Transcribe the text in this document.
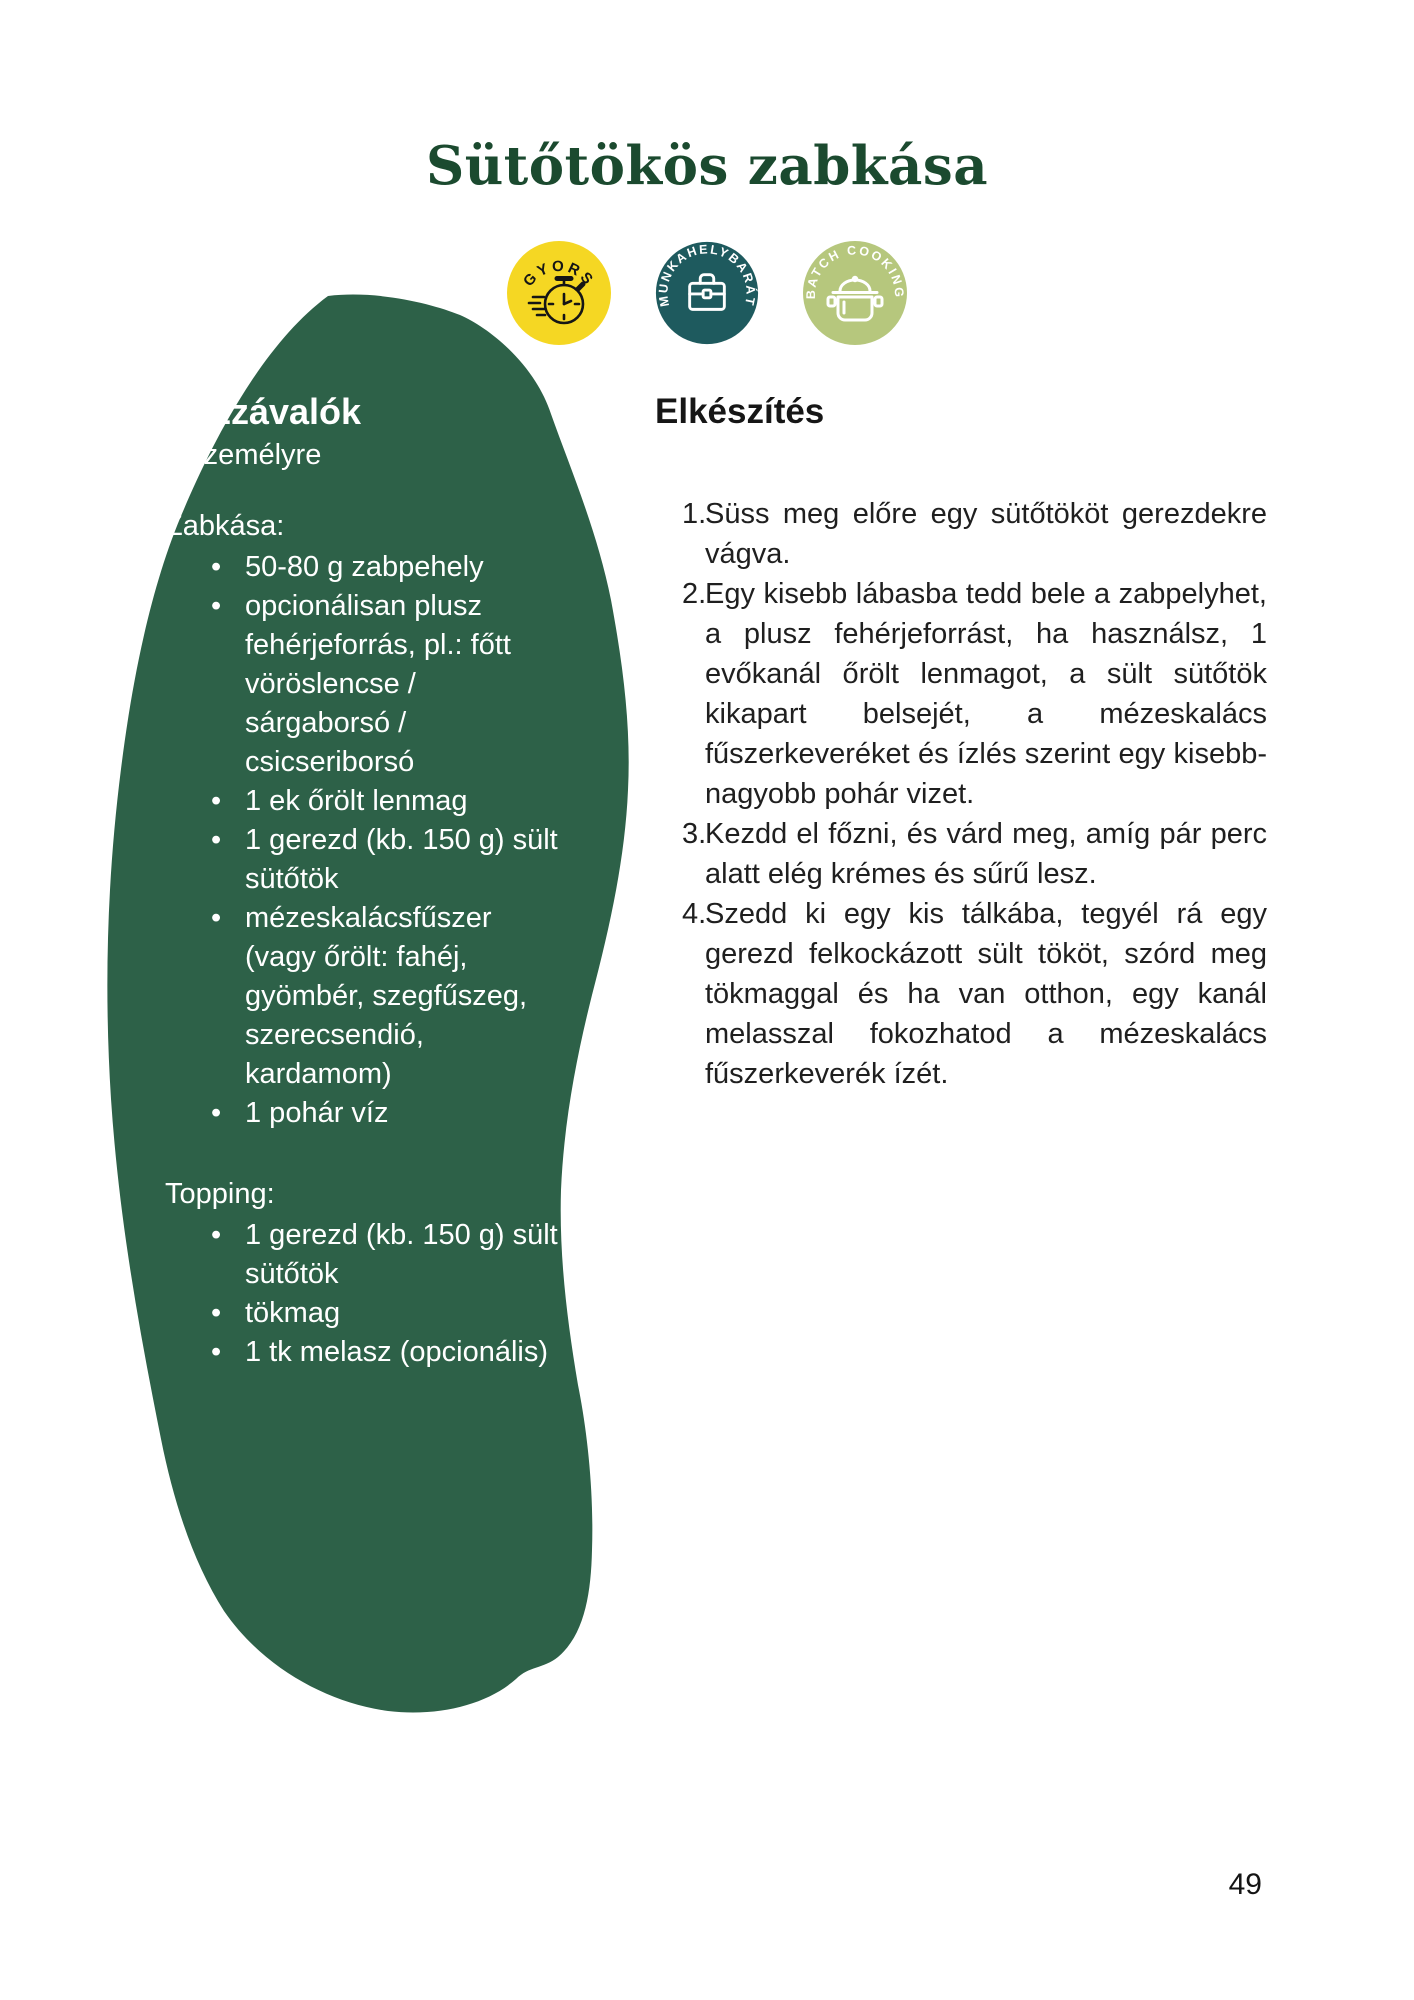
Sütőtökös zabkása
GYORS
MUNKAHELYBARÁT
BATCH COOKING

Hozzávalók

1 személyre

Zabkása:

• 50-80 g zabpehely
• opcionálisan plusz fehérjeforrás, pl.: főtt vöröslencse / sárgaborsó / csicseriborsó
• 1 ek őrölt lenmag
• 1 gerezd (kb. 150 g) sült sütőtök
• mézeskalácsfűszer (vagy őrölt: fahéj, gyömbér, szegfűszeg, szerecsendió, kardamom)
• 1 pohár víz

Topping:

• 1 gerezd (kb. 150 g) sült sütőtök
• tökmag
• 1 tk melasz (opcionális)

Elkészítés

1.
Süss meg előre egy sütőtököt gerezdekre vágva.
2.
Egy kisebb lábasba tedd bele a zabpelyhet, a plusz fehérjeforrást, ha használsz, 1 evőkanál őrölt lenmagot, a sült sütőtök kikapart belsejét, a mézeskalács fűszerkeveréket és ízlés szerint egy kisebb-nagyobb pohár vizet.
3.
Kezdd el főzni, és várd meg, amíg pár perc alatt elég krémes és sűrű lesz.
4.
Szedd ki egy kis tálkába, tegyél rá egy gerezd felkockázott sült tököt, szórd meg tökmaggal és ha van otthon, egy kanál melasszal fokozhatod a mézeskalács fűszerkeverék ízét.
49
